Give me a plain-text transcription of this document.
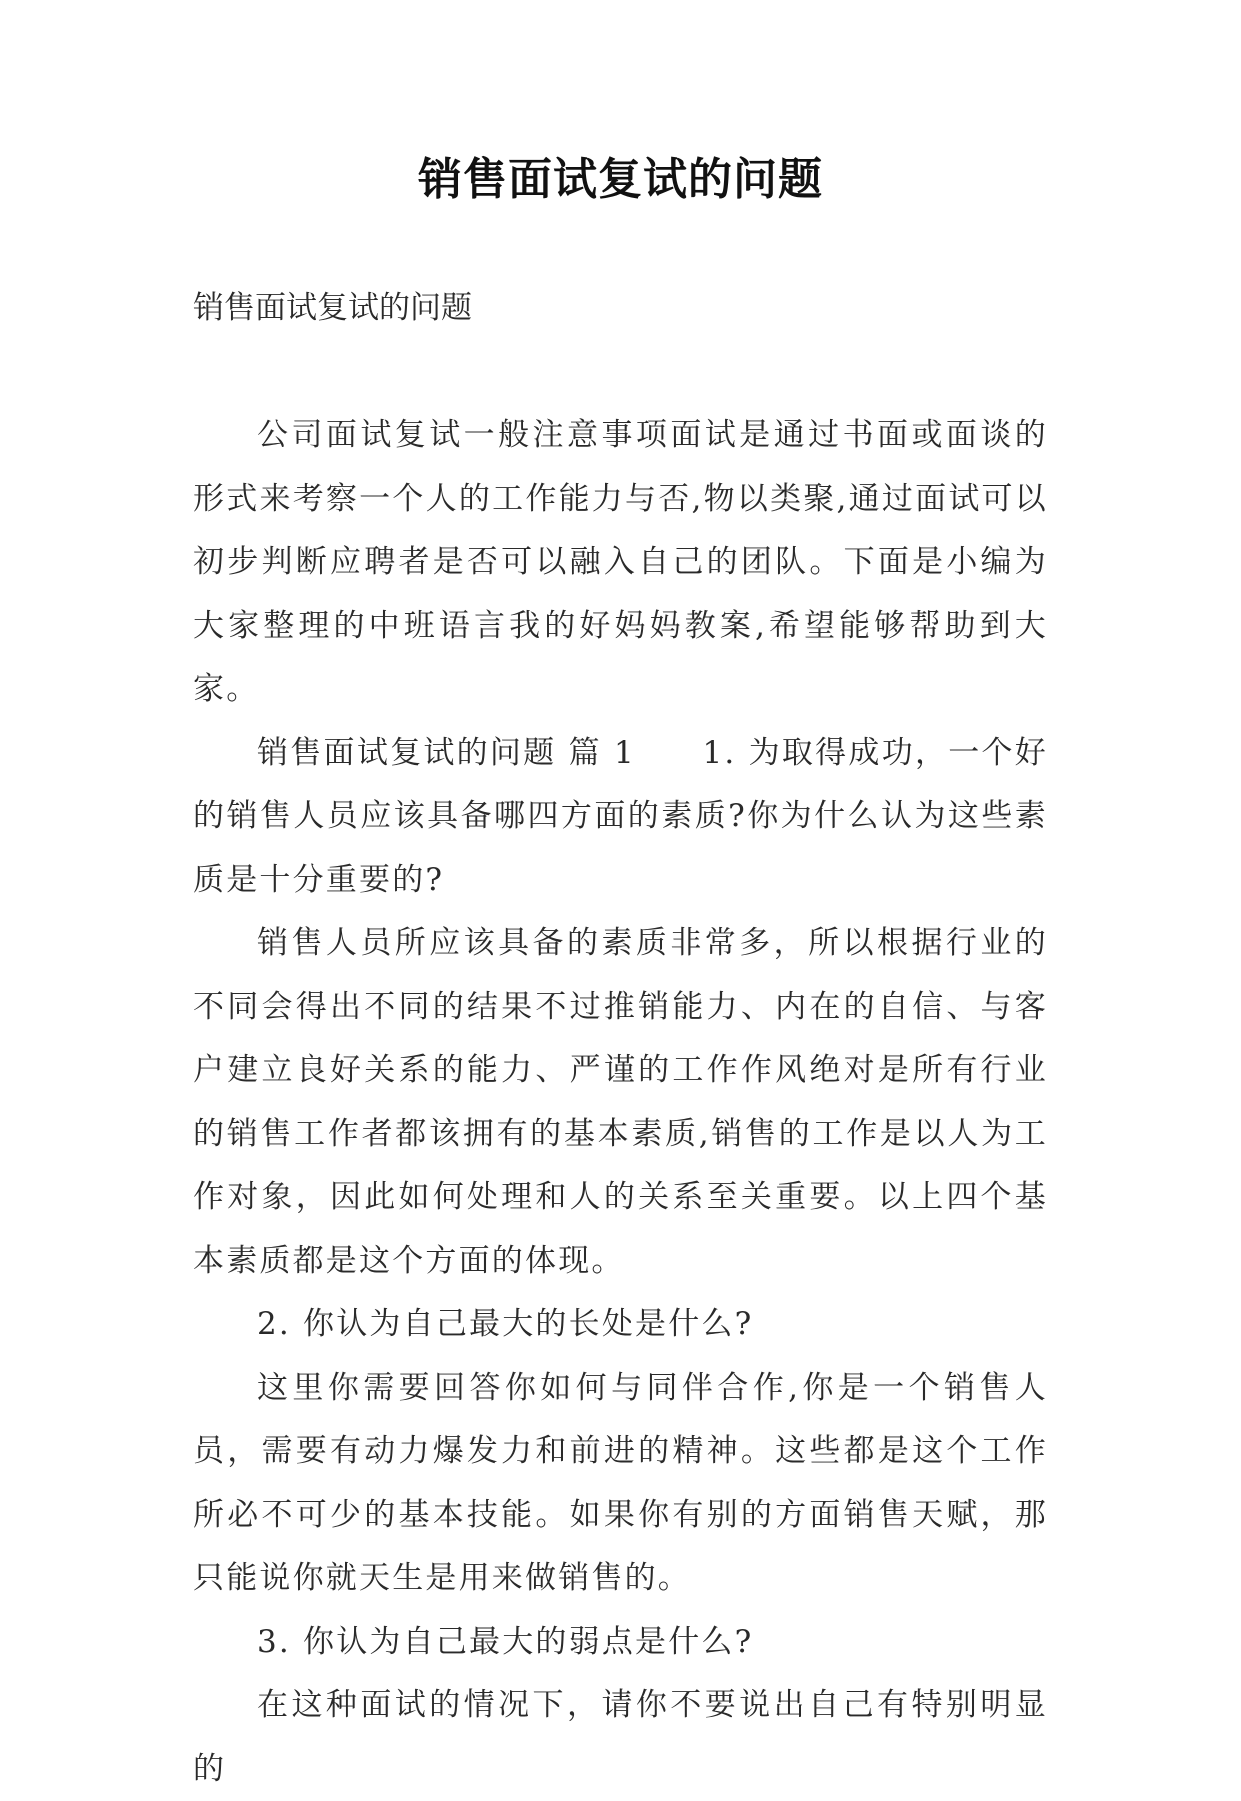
销售面试复试的问题

销售面试复试的问题

公司面试复试一般注意事项面试是通过书面或面谈的形式来考察一个人的工作能力与否,物以类聚,通过面试可以初步判断应聘者是否可以融入自己的团队。下面是小编为大家整理的中班语言我的好妈妈教案,希望能够帮助到大家。

销售面试复试的问题 篇 1　　1. 为取得成功，一个好的销售人员应该具备哪四方面的素质?你为什么认为这些素质是十分重要的?

销售人员所应该具备的素质非常多，所以根据行业的不同会得出不同的结果不过推销能力、内在的自信、与客户建立良好关系的能力、严谨的工作作风绝对是所有行业的销售工作者都该拥有的基本素质,销售的工作是以人为工作对象，因此如何处理和人的关系至关重要。以上四个基本素质都是这个方面的体现。

2. 你认为自己最大的长处是什么?

这里你需要回答你如何与同伴合作,你是一个销售人员，需要有动力爆发力和前进的精神。这些都是这个工作所必不可少的基本技能。如果你有别的方面销售天赋，那只能说你就天生是用来做销售的。

3. 你认为自己最大的弱点是什么?

在这种面试的情况下，请你不要说出自己有特别明显的
